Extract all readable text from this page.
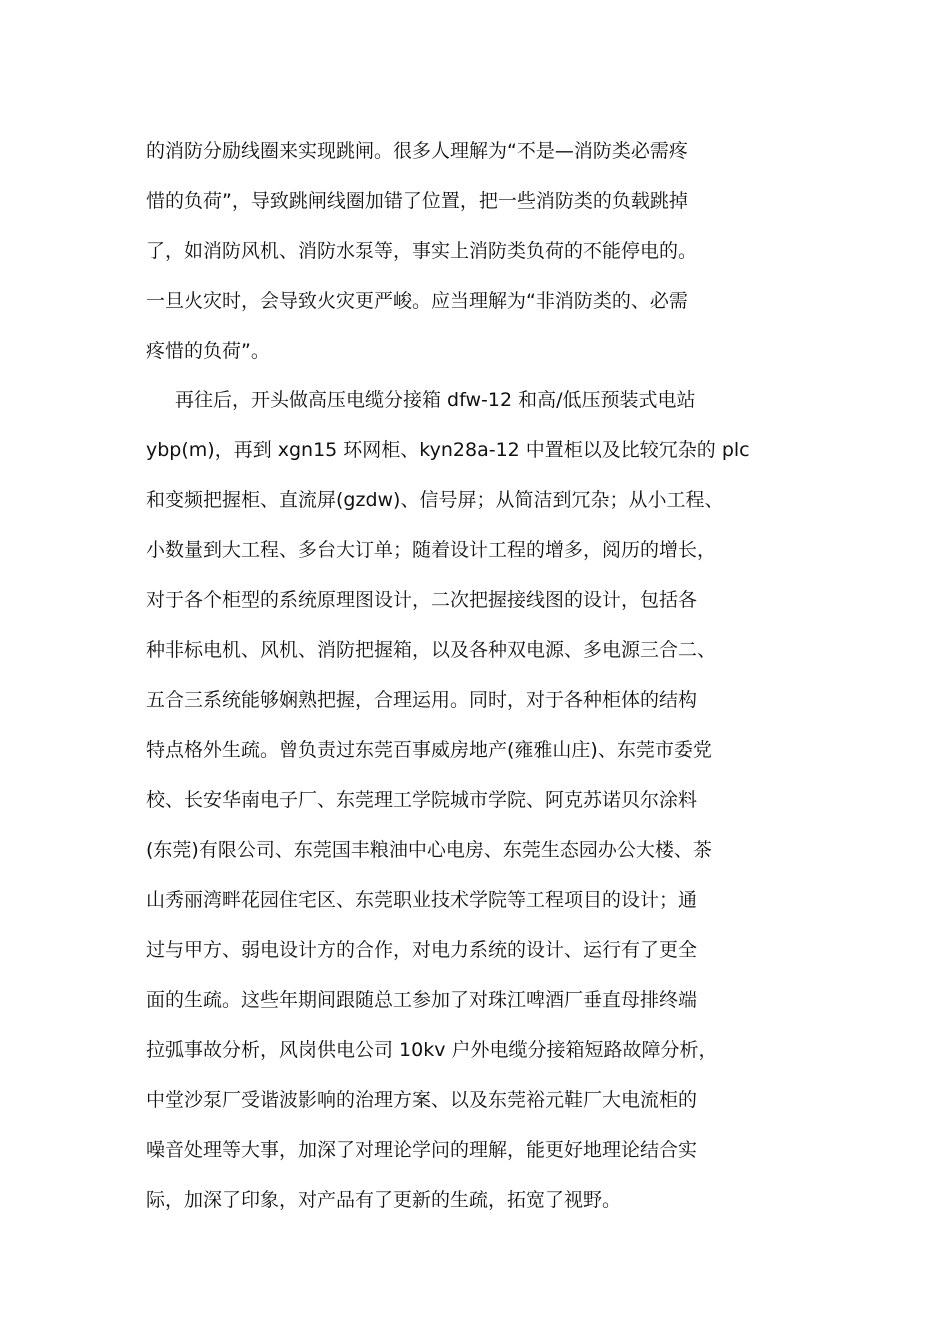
的消防分励线圈来实现跳闸。很多人理解为“不是—消防类必需疼
惜的负荷”，导致跳闸线圈加错了位置，把一些消防类的负载跳掉
了，如消防风机、消防水泵等，事实上消防类负荷的不能停电的。
一旦火灾时，会导致火灾更严峻。应当理解为“非消防类的、必需
疼惜的负荷”。
再往后，开头做高压电缆分接箱 dfw-12 和高/低压预装式电站
ybp(m)，再到 xgn15 环网柜、kyn28a-12 中置柜以及比较冗杂的 plc
和变频把握柜、直流屏(gzdw)、信号屏；从简洁到冗杂；从小工程、
小数量到大工程、多台大订单；随着设计工程的增多，阅历的增长，
对于各个柜型的系统原理图设计，二次把握接线图的设计，包括各
种非标电机、风机、消防把握箱，以及各种双电源、多电源三合二、
五合三系统能够娴熟把握，合理运用。同时，对于各种柜体的结构
特点格外生疏。曾负责过东莞百事威房地产(雍雅山庄)、东莞市委党
校、长安华南电子厂、东莞理工学院城市学院、阿克苏诺贝尔涂料
(东莞)有限公司、东莞国丰粮油中心电房、东莞生态园办公大楼、茶
山秀丽湾畔花园住宅区、东莞职业技术学院等工程项目的设计；通
过与甲方、弱电设计方的合作，对电力系统的设计、运行有了更全
面的生疏。这些年期间跟随总工参加了对珠江啤酒厂垂直母排终端
拉弧事故分析，风岗供电公司 10kv 户外电缆分接箱短路故障分析，
中堂沙泵厂受谐波影响的治理方案、以及东莞裕元鞋厂大电流柜的
噪音处理等大事，加深了对理论学问的理解，能更好地理论结合实
际，加深了印象，对产品有了更新的生疏，拓宽了视野。
